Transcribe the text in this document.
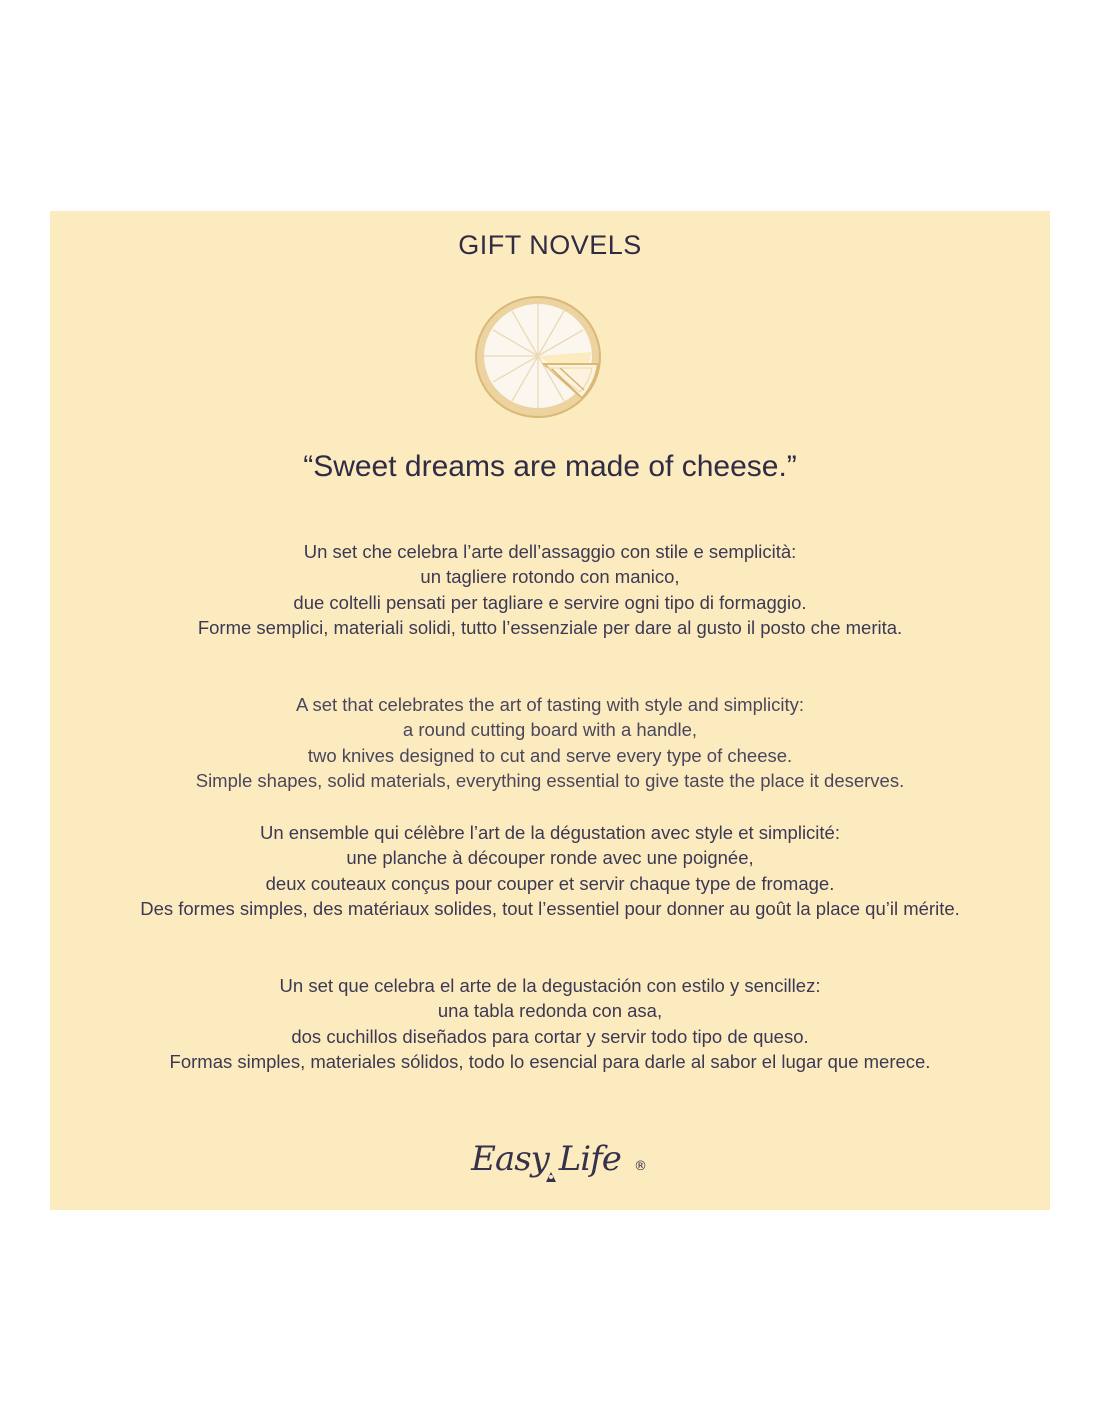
GIFT NOVELS
“Sweet dreams are made of cheese.”
Un set che celebra l’arte dell’assaggio con stile e semplicità:
un tagliere rotondo con manico,
due coltelli pensati per tagliare e servire ogni tipo di formaggio.
Forme semplici, materiali solidi, tutto l’essenziale per dare al gusto il posto che merita.
A set that celebrates the art of tasting with style and simplicity:
a round cutting board with a handle,
two knives designed to cut and serve every type of cheese.
Simple shapes, solid materials, everything essential to give taste the place it deserves.
Un ensemble qui célèbre l’art de la dégustation avec style et simplicité:
une planche à découper ronde avec une poignée,
deux couteaux conçus pour couper et servir chaque type de fromage.
Des formes simples, des matériaux solides, tout l’essentiel pour donner au goût la place qu’il mérite.
Un set que celebra el arte de la degustación con estilo y sencillez:
una tabla redonda con asa,
dos cuchillos diseñados para cortar y servir todo tipo de queso.
Formas simples, materiales sólidos, todo lo esencial para darle al sabor el lugar que merece.
Easy Life ®
